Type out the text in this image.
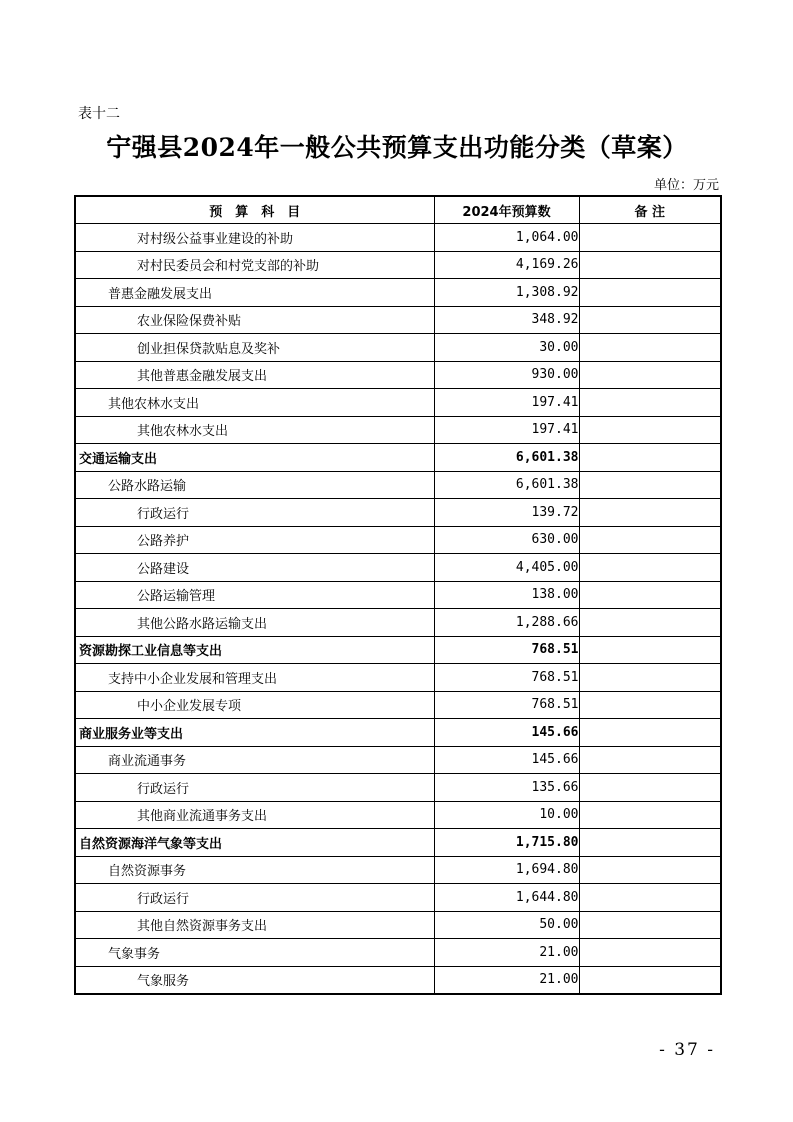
表十二
宁强县2024年一般公共预算支出功能分类（草案）
单位：万元
预　算　科　目	2024年预算数	备 注
对村级公益事业建设的补助	1,064.00	
对村民委员会和村党支部的补助	4,169.26	
普惠金融发展支出	1,308.92	
农业保险保费补贴	348.92	
创业担保贷款贴息及奖补	30.00	
其他普惠金融发展支出	930.00	
其他农林水支出	197.41	
其他农林水支出	197.41	
交通运输支出	6,601.38	
公路水路运输	6,601.38	
行政运行	139.72	
公路养护	630.00	
公路建设	4,405.00	
公路运输管理	138.00	
其他公路水路运输支出	1,288.66	
资源勘探工业信息等支出	768.51	
支持中小企业发展和管理支出	768.51	
中小企业发展专项	768.51	
商业服务业等支出	145.66	
商业流通事务	145.66	
行政运行	135.66	
其他商业流通事务支出	10.00	
自然资源海洋气象等支出	1,715.80	
自然资源事务	1,694.80	
行政运行	1,644.80	
其他自然资源事务支出	50.00	
气象事务	21.00	
气象服务	21.00	
- 37 -
